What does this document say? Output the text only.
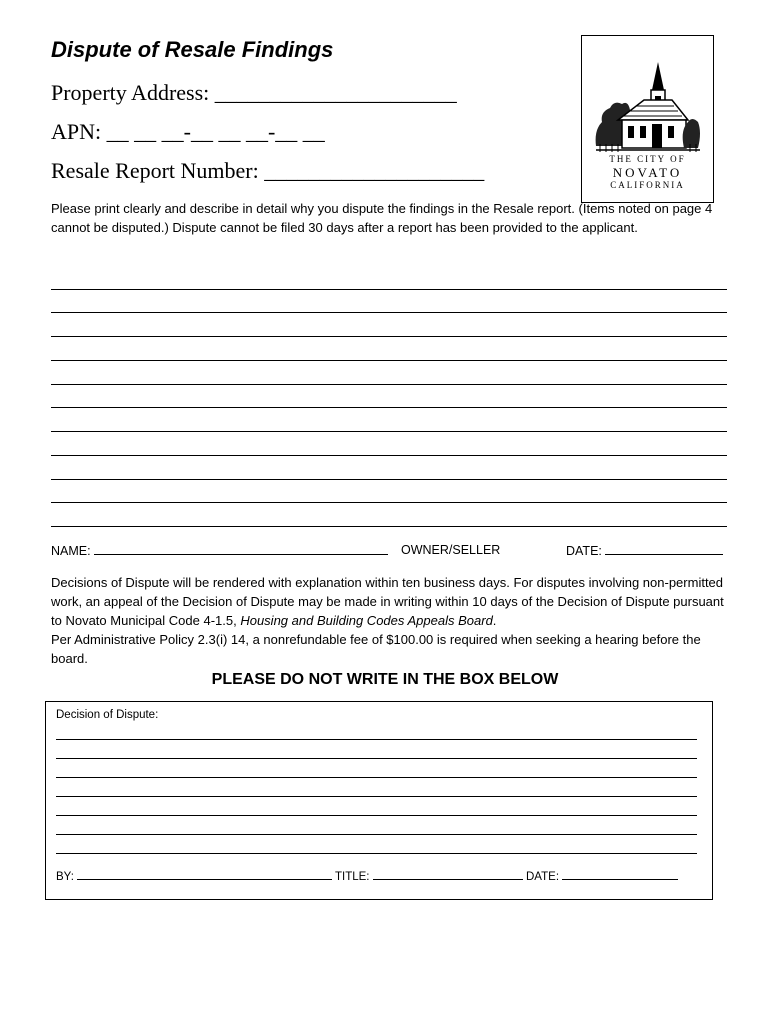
Dispute of Resale Findings
Property Address: ______________________
APN: __ __ __-__ __ __-__ __
Resale Report Number: ____________________	THE CITY OF
NOVATO
CALIFORNIA
Please print clearly and describe in detail why you dispute the findings in the Resale report. (Items noted on page 4 cannot be disputed.) Dispute cannot be filed 30 days after a report has been provided to the applicant.
NAME:	OWNER/SELLER	DATE:

Decisions of Dispute will be rendered with explanation within ten business days. For disputes involving non-permitted work, an appeal of the Decision of Dispute may be made in writing within 10 days of the Decision of Dispute pursuant to Novato Municipal Code 4-1.5, Housing and Building Codes Appeals Board.

Per Administrative Policy 2.3(i) 14, a nonrefundable fee of $100.00 is required when seeking a hearing before the board.

PLEASE DO NOT WRITE IN THE BOX BELOW
Decision of Dispute:
BY:	TITLE:	DATE:
